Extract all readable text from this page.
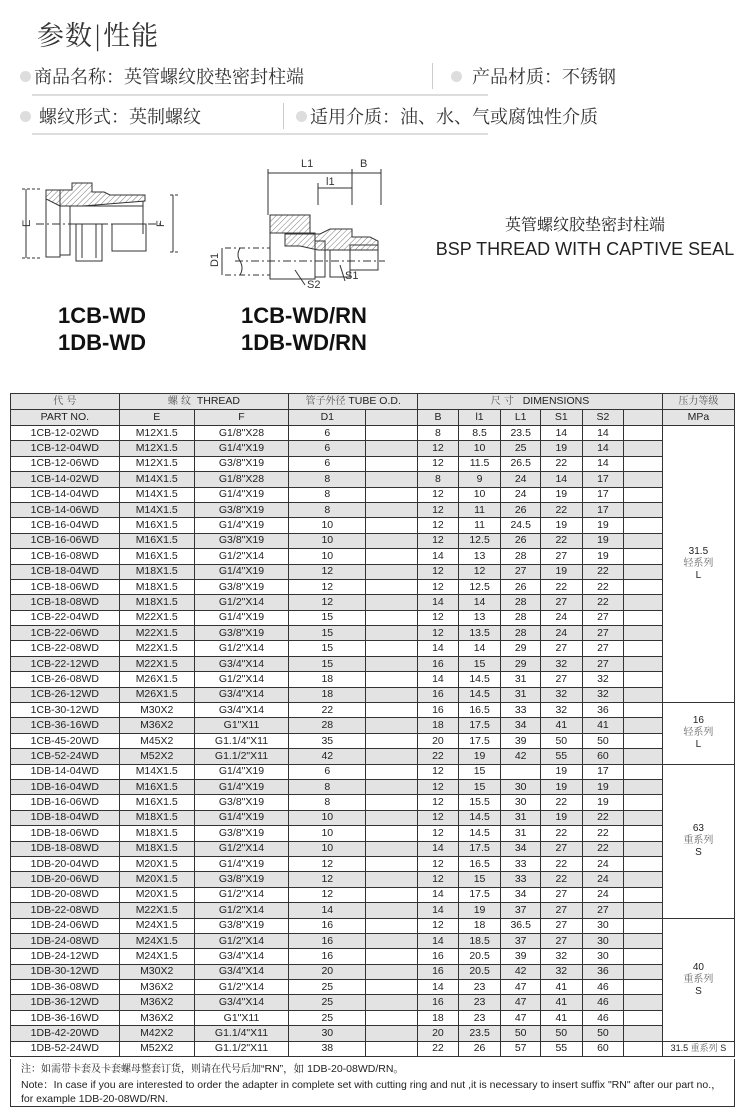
参数|性能
商品名称： 英管螺纹胶垫密封柱端	产品材质： 不锈钢
螺纹形式： 英制螺纹	适用介质： 油、水、气或腐蚀性介质
E	F
L1	B
l1
D1
S2
S1
1CB-WD
1DB-WD
1CB-WD/RN
1DB-WD/RN
英管螺纹胶垫密封柱端
BSP THREAD WITH CAPTIVE SEAL
代 号	螺 纹 THREAD		管子外径 TUBE O.D.		尺 寸 DIMENSIONS						压力等级
PART NO.	E	F	D1		B	l1	L1	S1	S2		MPa
1CB-12-02WD	M12X1.5	G1/8"X28	6		8	8.5	23.5	14	14		31.5
轻系列
L

1CB-12-04WD	M12X1.5	G1/4"X19	6		12	10	25	19	14		
1CB-12-06WD	M12X1.5	G3/8"X19	6		12	11.5	26.5	22	14		
1CB-14-02WD	M14X1.5	G1/8"X28	8		8	9	24	14	17		
1CB-14-04WD	M14X1.5	G1/4"X19	8		12	10	24	19	17		
1CB-14-06WD	M14X1.5	G3/8"X19	8		12	11	26	22	17		
1CB-16-04WD	M16X1.5	G1/4"X19	10		12	11	24.5	19	19		
1CB-16-06WD	M16X1.5	G3/8"X19	10		12	12.5	26	22	19		
1CB-16-08WD	M16X1.5	G1/2"X14	10		14	13	28	27	19		
1CB-18-04WD	M18X1.5	G1/4"X19	12		12	12	27	19	22		
1CB-18-06WD	M18X1.5	G3/8"X19	12		12	12.5	26	22	22		
1CB-18-08WD	M18X1.5	G1/2"X14	12		14	14	28	27	22		
1CB-22-04WD	M22X1.5	G1/4"X19	15		12	13	28	24	27		
1CB-22-06WD	M22X1.5	G3/8"X19	15		12	13.5	28	24	27		
1CB-22-08WD	M22X1.5	G1/2"X14	15		14	14	29	27	27		
1CB-22-12WD	M22X1.5	G3/4"X14	15		16	15	29	32	27		
1CB-26-08WD	M26X1.5	G1/2"X14	18		14	14.5	31	27	32		
1CB-26-12WD	M26X1.5	G3/4"X14	18		16	14.5	31	32	32		
1CB-30-12WD	M30X2	G3/4"X14	22		16	16.5	33	32	36		16
轻系列
L

1CB-36-16WD	M36X2	G1"X11	28		18	17.5	34	41	41		
1CB-45-20WD	M45X2	G1.1/4"X11	35		20	17.5	39	50	50		
1CB-52-24WD	M52X2	G1.1/2"X11	42		22	19	42	55	60		
1DB-14-04WD	M14X1.5	G1/4"X19	6		12	15		19	17		63
重系列
S

1DB-16-04WD	M16X1.5	G1/4"X19	8		12	15	30	19	19		
1DB-16-06WD	M16X1.5	G3/8"X19	8		12	15.5	30	22	19		
1DB-18-04WD	M18X1.5	G1/4"X19	10		12	14.5	31	19	22		
1DB-18-06WD	M18X1.5	G3/8"X19	10		12	14.5	31	22	22		
1DB-18-08WD	M18X1.5	G1/2"X14	10		14	17.5	34	27	22		
1DB-20-04WD	M20X1.5	G1/4"X19	12		12	16.5	33	22	24		
1DB-20-06WD	M20X1.5	G3/8"X19	12		12	15	33	22	24		
1DB-20-08WD	M20X1.5	G1/2"X14	12		14	17.5	34	27	24		
1DB-22-08WD	M22X1.5	G1/2"X14	14		14	19	37	27	27		
1DB-24-06WD	M24X1.5	G3/8"X19	16		12	18	36.5	27	30		40
重系列
S

1DB-24-08WD	M24X1.5	G1/2"X14	16		14	18.5	37	27	30		
1DB-24-12WD	M24X1.5	G3/4"X14	16		16	20.5	39	32	30		
1DB-30-12WD	M30X2	G3/4"X14	20		16	20.5	42	32	36		
1DB-36-08WD	M36X2	G1/2"X14	25		14	23	47	41	46		
1DB-36-12WD	M36X2	G3/4"X14	25		16	23	47	41	46		
1DB-36-16WD	M36X2	G1"X11	25		18	23	47	41	46		
1DB-42-20WD	M42X2	G1.1/4"X11	30		20	23.5	50	50	50		
1DB-52-24WD	M52X2	G1.1/2"X11	38		22	26	57	55	60		31.5 重系列 S
注：如需带卡套及卡套螺母整套订货，则请在代号后加“RN”，如 1DB-20-08WD/RN。
Note：In case if you are interested to order the adapter in complete set with cutting ring and nut ,it is necessary to insert suffix "RN" after our part no.，for example 1DB-20-08WD/RN.
